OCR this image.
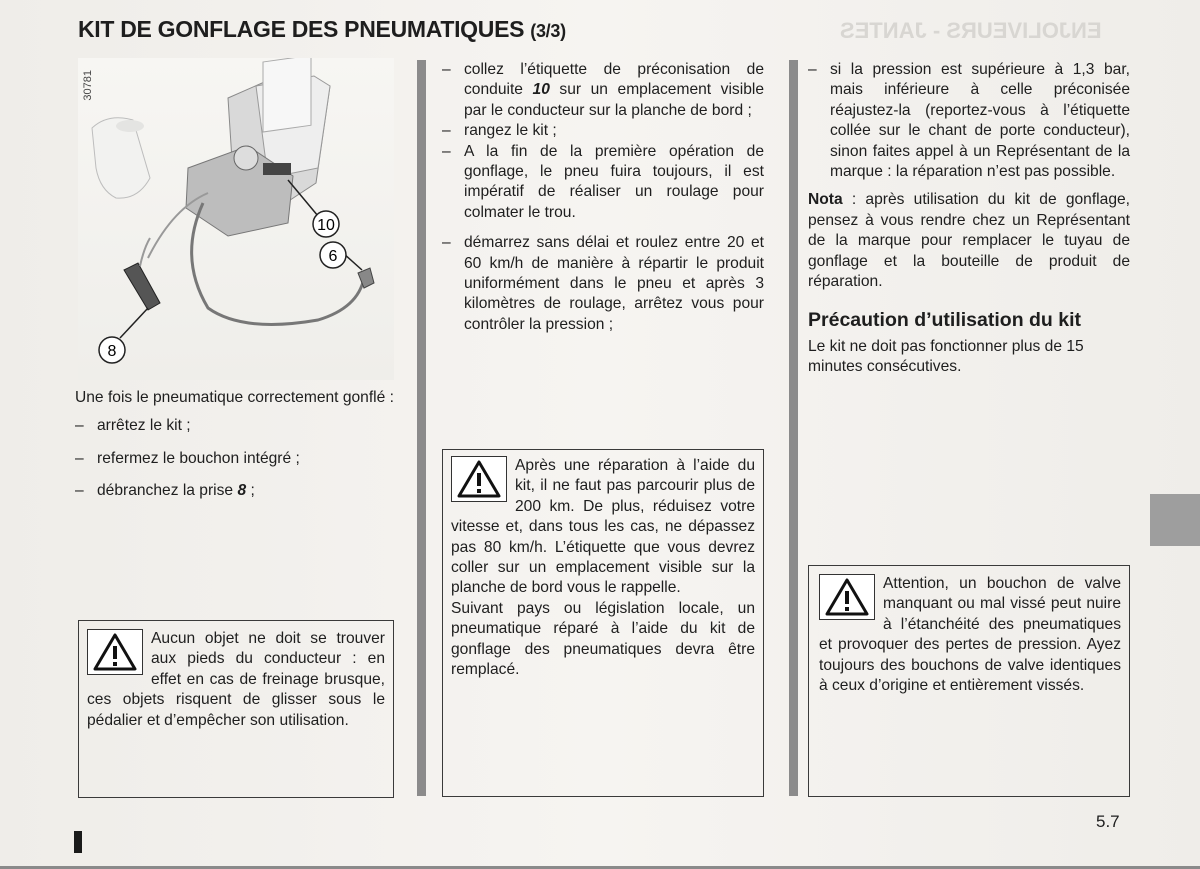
ENJOLIVEURS - JANTES
KIT DE GONFLAGE DES PNEUMATIQUES (3/3)
10
6
8
30781

Une fois le pneumatique correctement gonflé :

– arrêtez le kit ;
– refermez le bouchon intégré ;
– débranchez la prise 8 ;
Aucun objet ne doit se trouver aux pieds du conducteur : en effet en cas de freinage brusque, ces objets risquent de glisser sous le pédalier et d’empêcher son utilisation.
– collez l’étiquette de préconisation de conduite 10 sur un emplacement visible par le conducteur sur la planche de bord ;
– rangez le kit ;
– A la fin de la première opération de gonflage, le pneu fuira toujours, il est impératif de réaliser un roulage pour colmater le trou.
– démarrez sans délai et roulez entre 20 et 60 km/h de manière à répartir le produit uniformément dans le pneu et après 3 kilomètres de roulage, arrêtez vous pour contrôler la pression ;
Après une réparation à l’aide du kit, il ne faut pas parcourir plus de 200 km. De plus, réduisez votre vitesse et, dans tous les cas, ne dépassez pas 80 km/h. L’étiquette que vous devrez coller sur un emplacement visible sur la planche de bord vous le rappelle.
Suivant pays ou législation locale, un pneumatique réparé à l’aide du kit de gonflage des pneumatiques devra être remplacé.
– si la pression est supérieure à 1,3 bar, mais inférieure à celle préconisée réajustez-la (reportez-vous à l’étiquette collée sur le chant de porte conducteur), sinon faites appel à un Représentant de la marque : la réparation n’est pas possible.

Nota : après utilisation du kit de gonflage, pensez à vous rendre chez un Représentant de la marque pour remplacer le tuyau de gonflage et la bouteille de produit de réparation.

Précaution d’utilisation du kit

Le kit ne doit pas fonctionner plus de 15 minutes consécutives.

Attention, un bouchon de valve manquant ou mal vissé peut nuire à l’étanchéité des pneumatiques et provoquer des pertes de pression. Ayez toujours des bouchons de valve identiques à ceux d’origine et entièrement vissés.
5.7
